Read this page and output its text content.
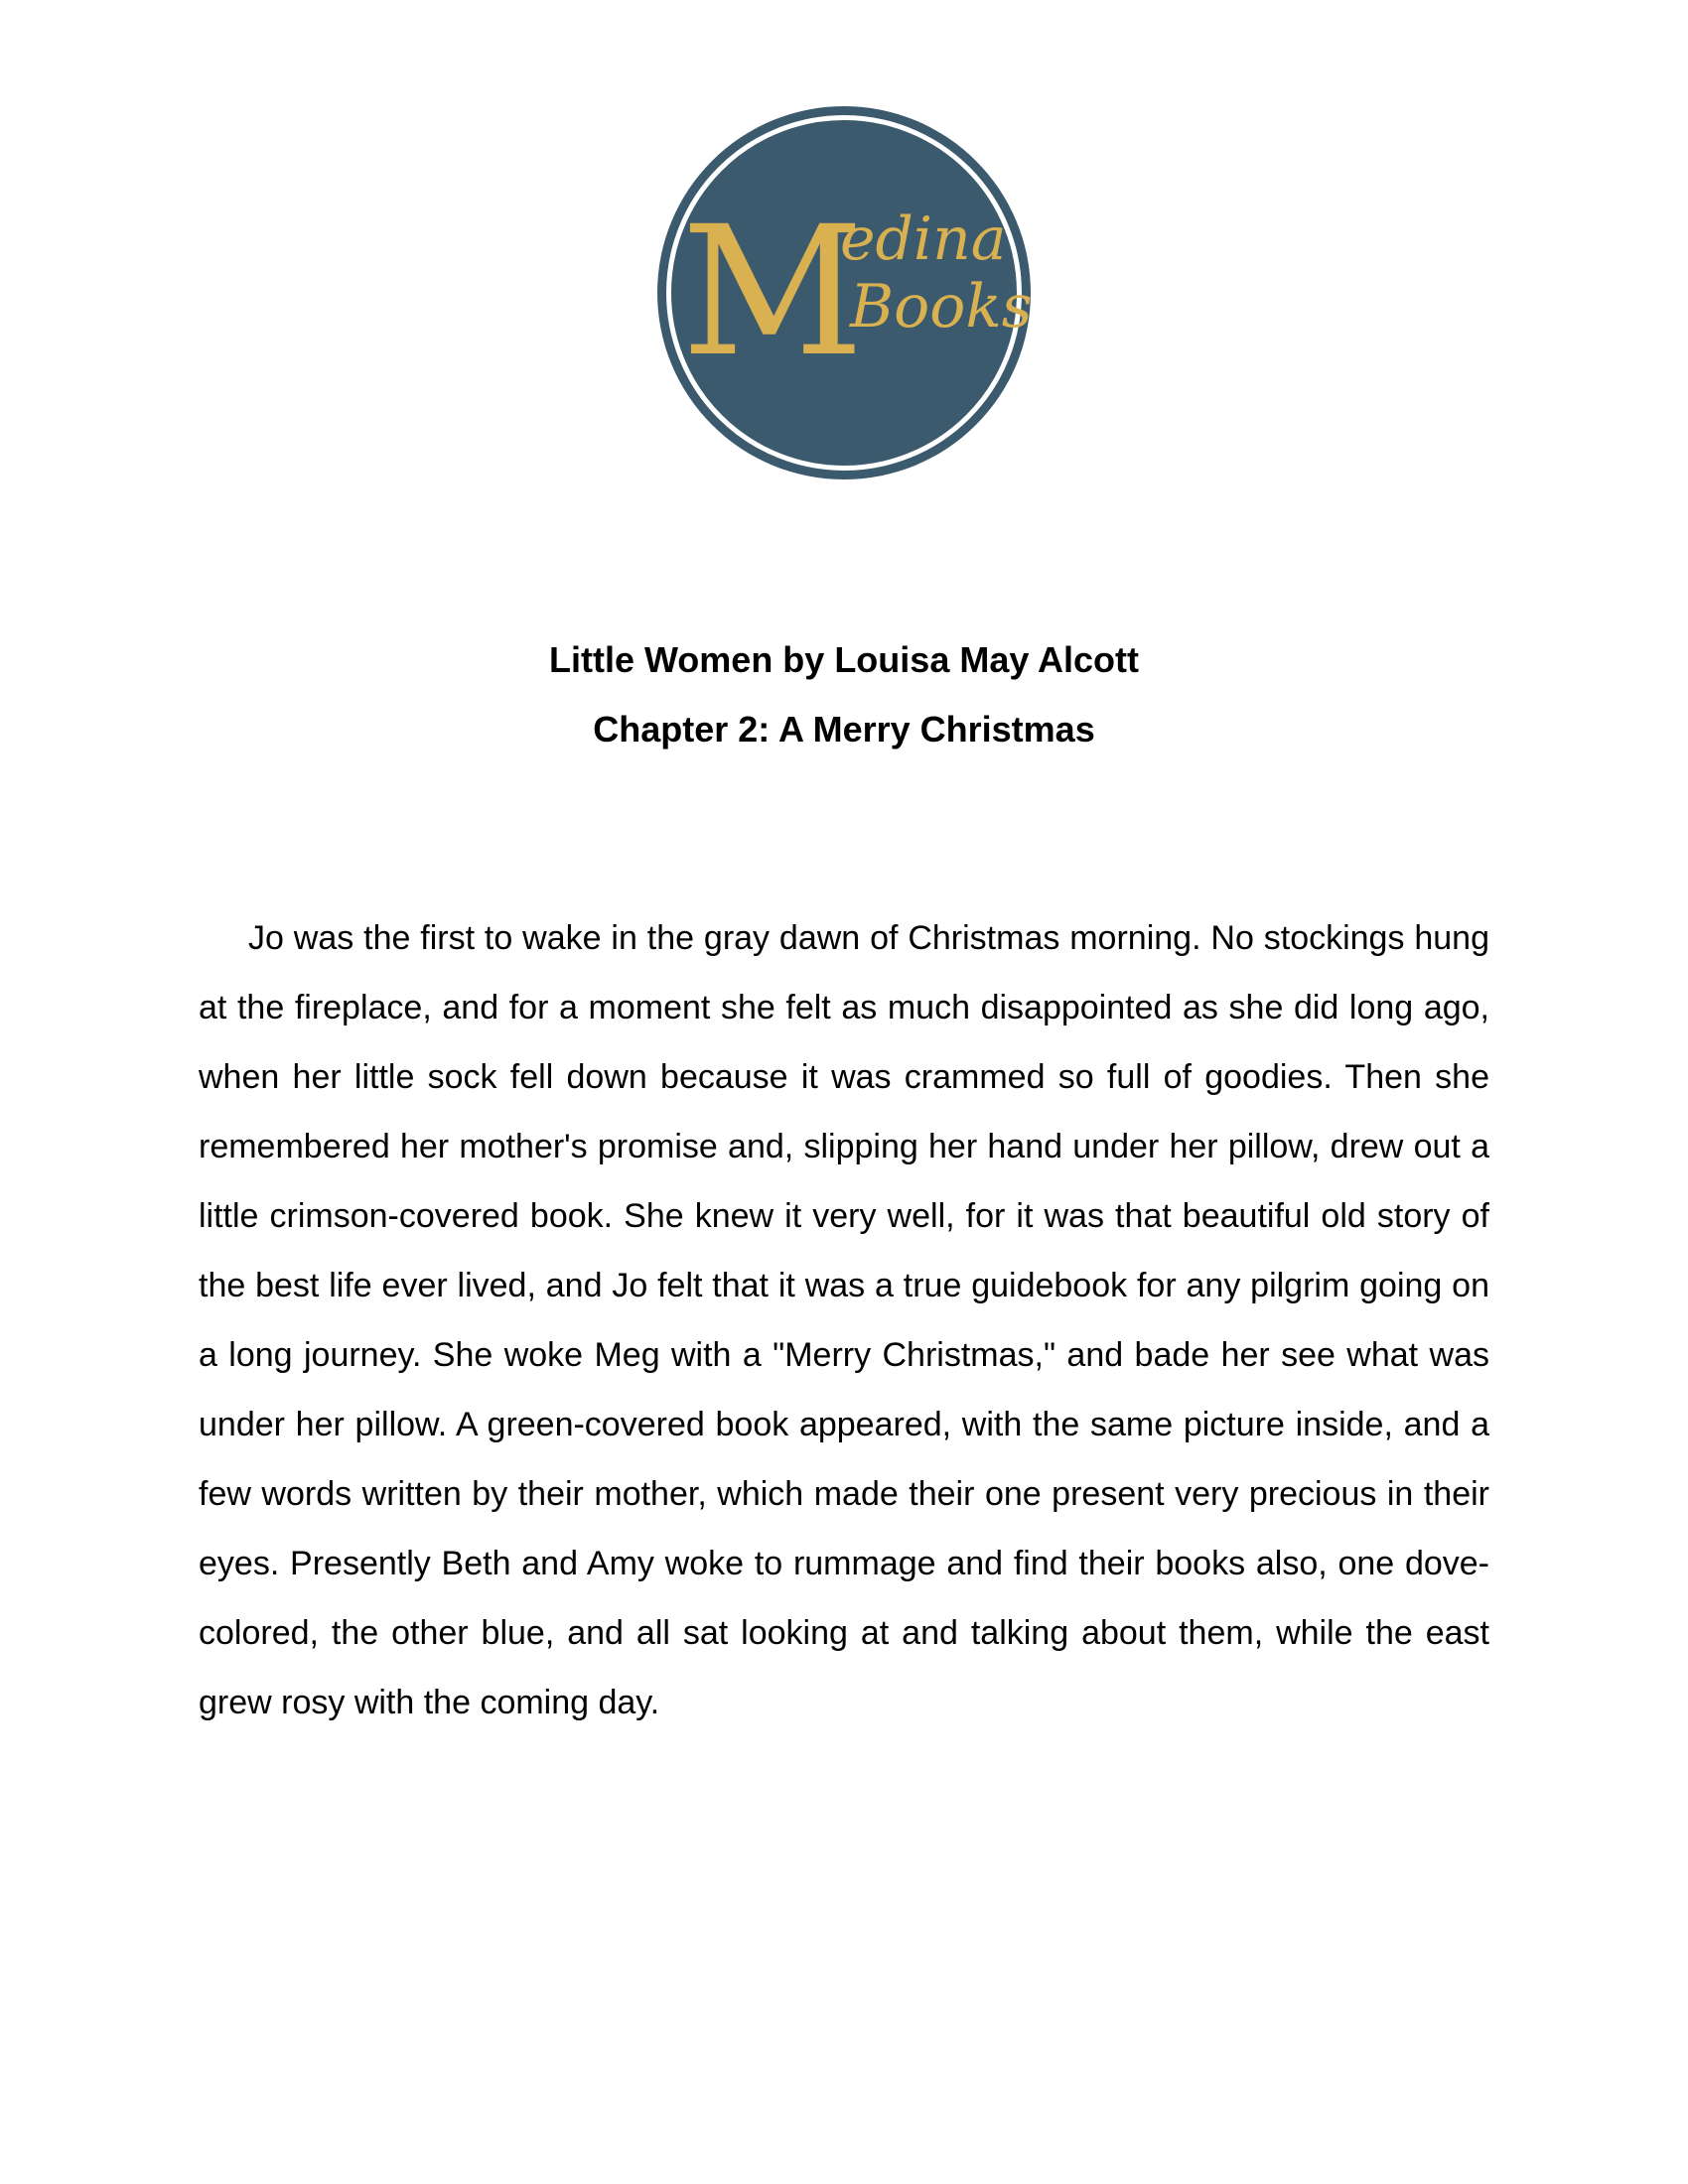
M
edina
Books
Little Women by Louisa May Alcott
Chapter 2: A Merry Christmas

Jo was the first to wake in the gray dawn of Christmas morning. No stockings hung at the fireplace, and for a moment she felt as much disappointed as she did long ago, when her little sock fell down because it was crammed so full of goodies. Then she remembered her mother's promise and, slipping her hand under her pillow, drew out a little crimson-covered book. She knew it very well, for it was that beautiful old story of the best life ever lived, and Jo felt that it was a true guidebook for any pilgrim going on a long journey. She woke Meg with a "Merry Christmas," and bade her see what was under her pillow. A green-covered book appeared, with the same picture inside, and a few words written by their mother, which made their one present very precious in their eyes. Presently Beth and Amy woke to rummage and find their books also, one dove-colored, the other blue, and all sat looking at and talking about them, while the east grew rosy with the coming day.
